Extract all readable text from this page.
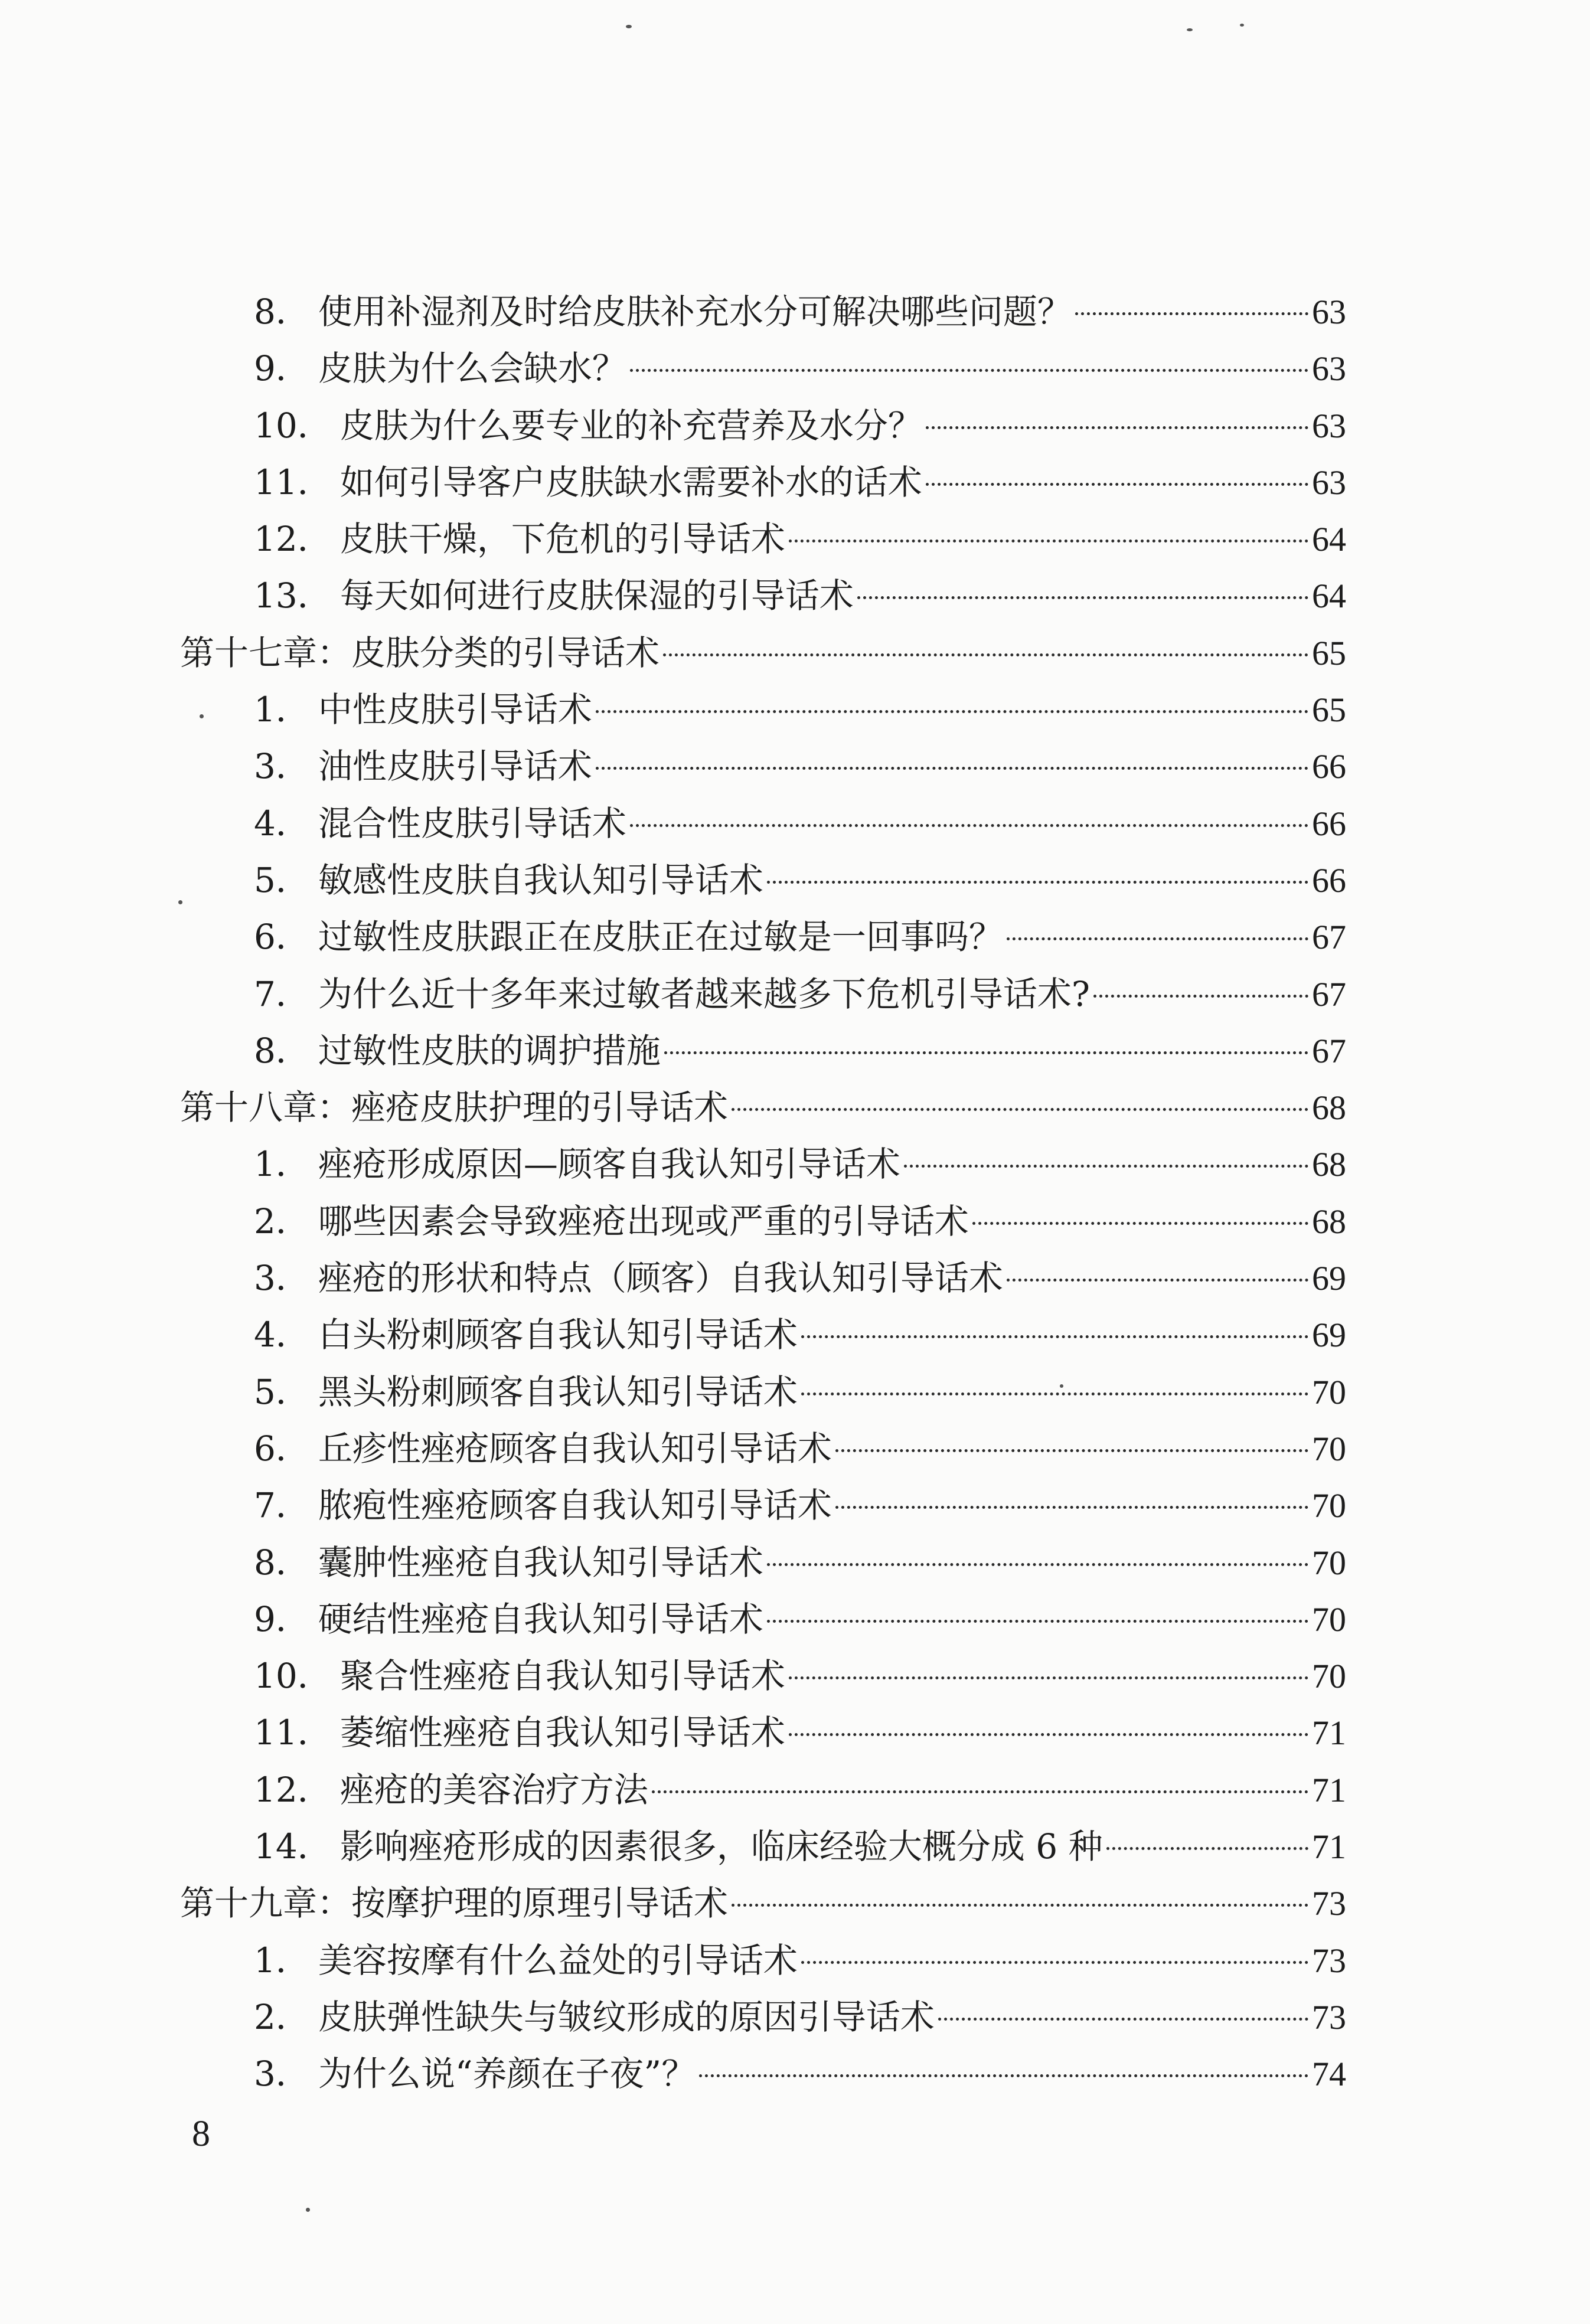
8． 使用补湿剂及时给皮肤补充水分可解决哪些问题？	63
9． 皮肤为什么会缺水？	63
10． 皮肤为什么要专业的补充营养及水分？	63
11． 如何引导客户皮肤缺水需要补水的话术	63
12． 皮肤干燥，下危机的引导话术	64
13． 每天如何进行皮肤保湿的引导话术	64
第十七章：皮肤分类的引导话术	65
1． 中性皮肤引导话术	65
3． 油性皮肤引导话术	66
4． 混合性皮肤引导话术	66
5． 敏感性皮肤自我认知引导话术	66
6． 过敏性皮肤跟正在皮肤正在过敏是一回事吗？	67
7． 为什么近十多年来过敏者越来越多下危机引导话术?	67
8． 过敏性皮肤的调护措施	67
第十八章：痤疮皮肤护理的引导话术	68
1． 痤疮形成原因—顾客自我认知引导话术	68
2． 哪些因素会导致痤疮出现或严重的引导话术	68
3． 痤疮的形状和特点（顾客）自我认知引导话术	69
4． 白头粉刺顾客自我认知引导话术	69
5． 黑头粉刺顾客自我认知引导话术	70
6． 丘疹性痤疮顾客自我认知引导话术	70
7． 脓疱性痤疮顾客自我认知引导话术	70
8． 囊肿性痤疮自我认知引导话术	70
9． 硬结性痤疮自我认知引导话术	70
10． 聚合性痤疮自我认知引导话术	70
11． 萎缩性痤疮自我认知引导话术	71
12． 痤疮的美容治疗方法	71
14． 影响痤疮形成的因素很多，临床经验大概分成 6 种	71
第十九章：按摩护理的原理引导话术	73
1． 美容按摩有什么益处的引导话术	73
2． 皮肤弹性缺失与皱纹形成的原因引导话术	73
3． 为什么说“养颜在子夜”？	74
8
